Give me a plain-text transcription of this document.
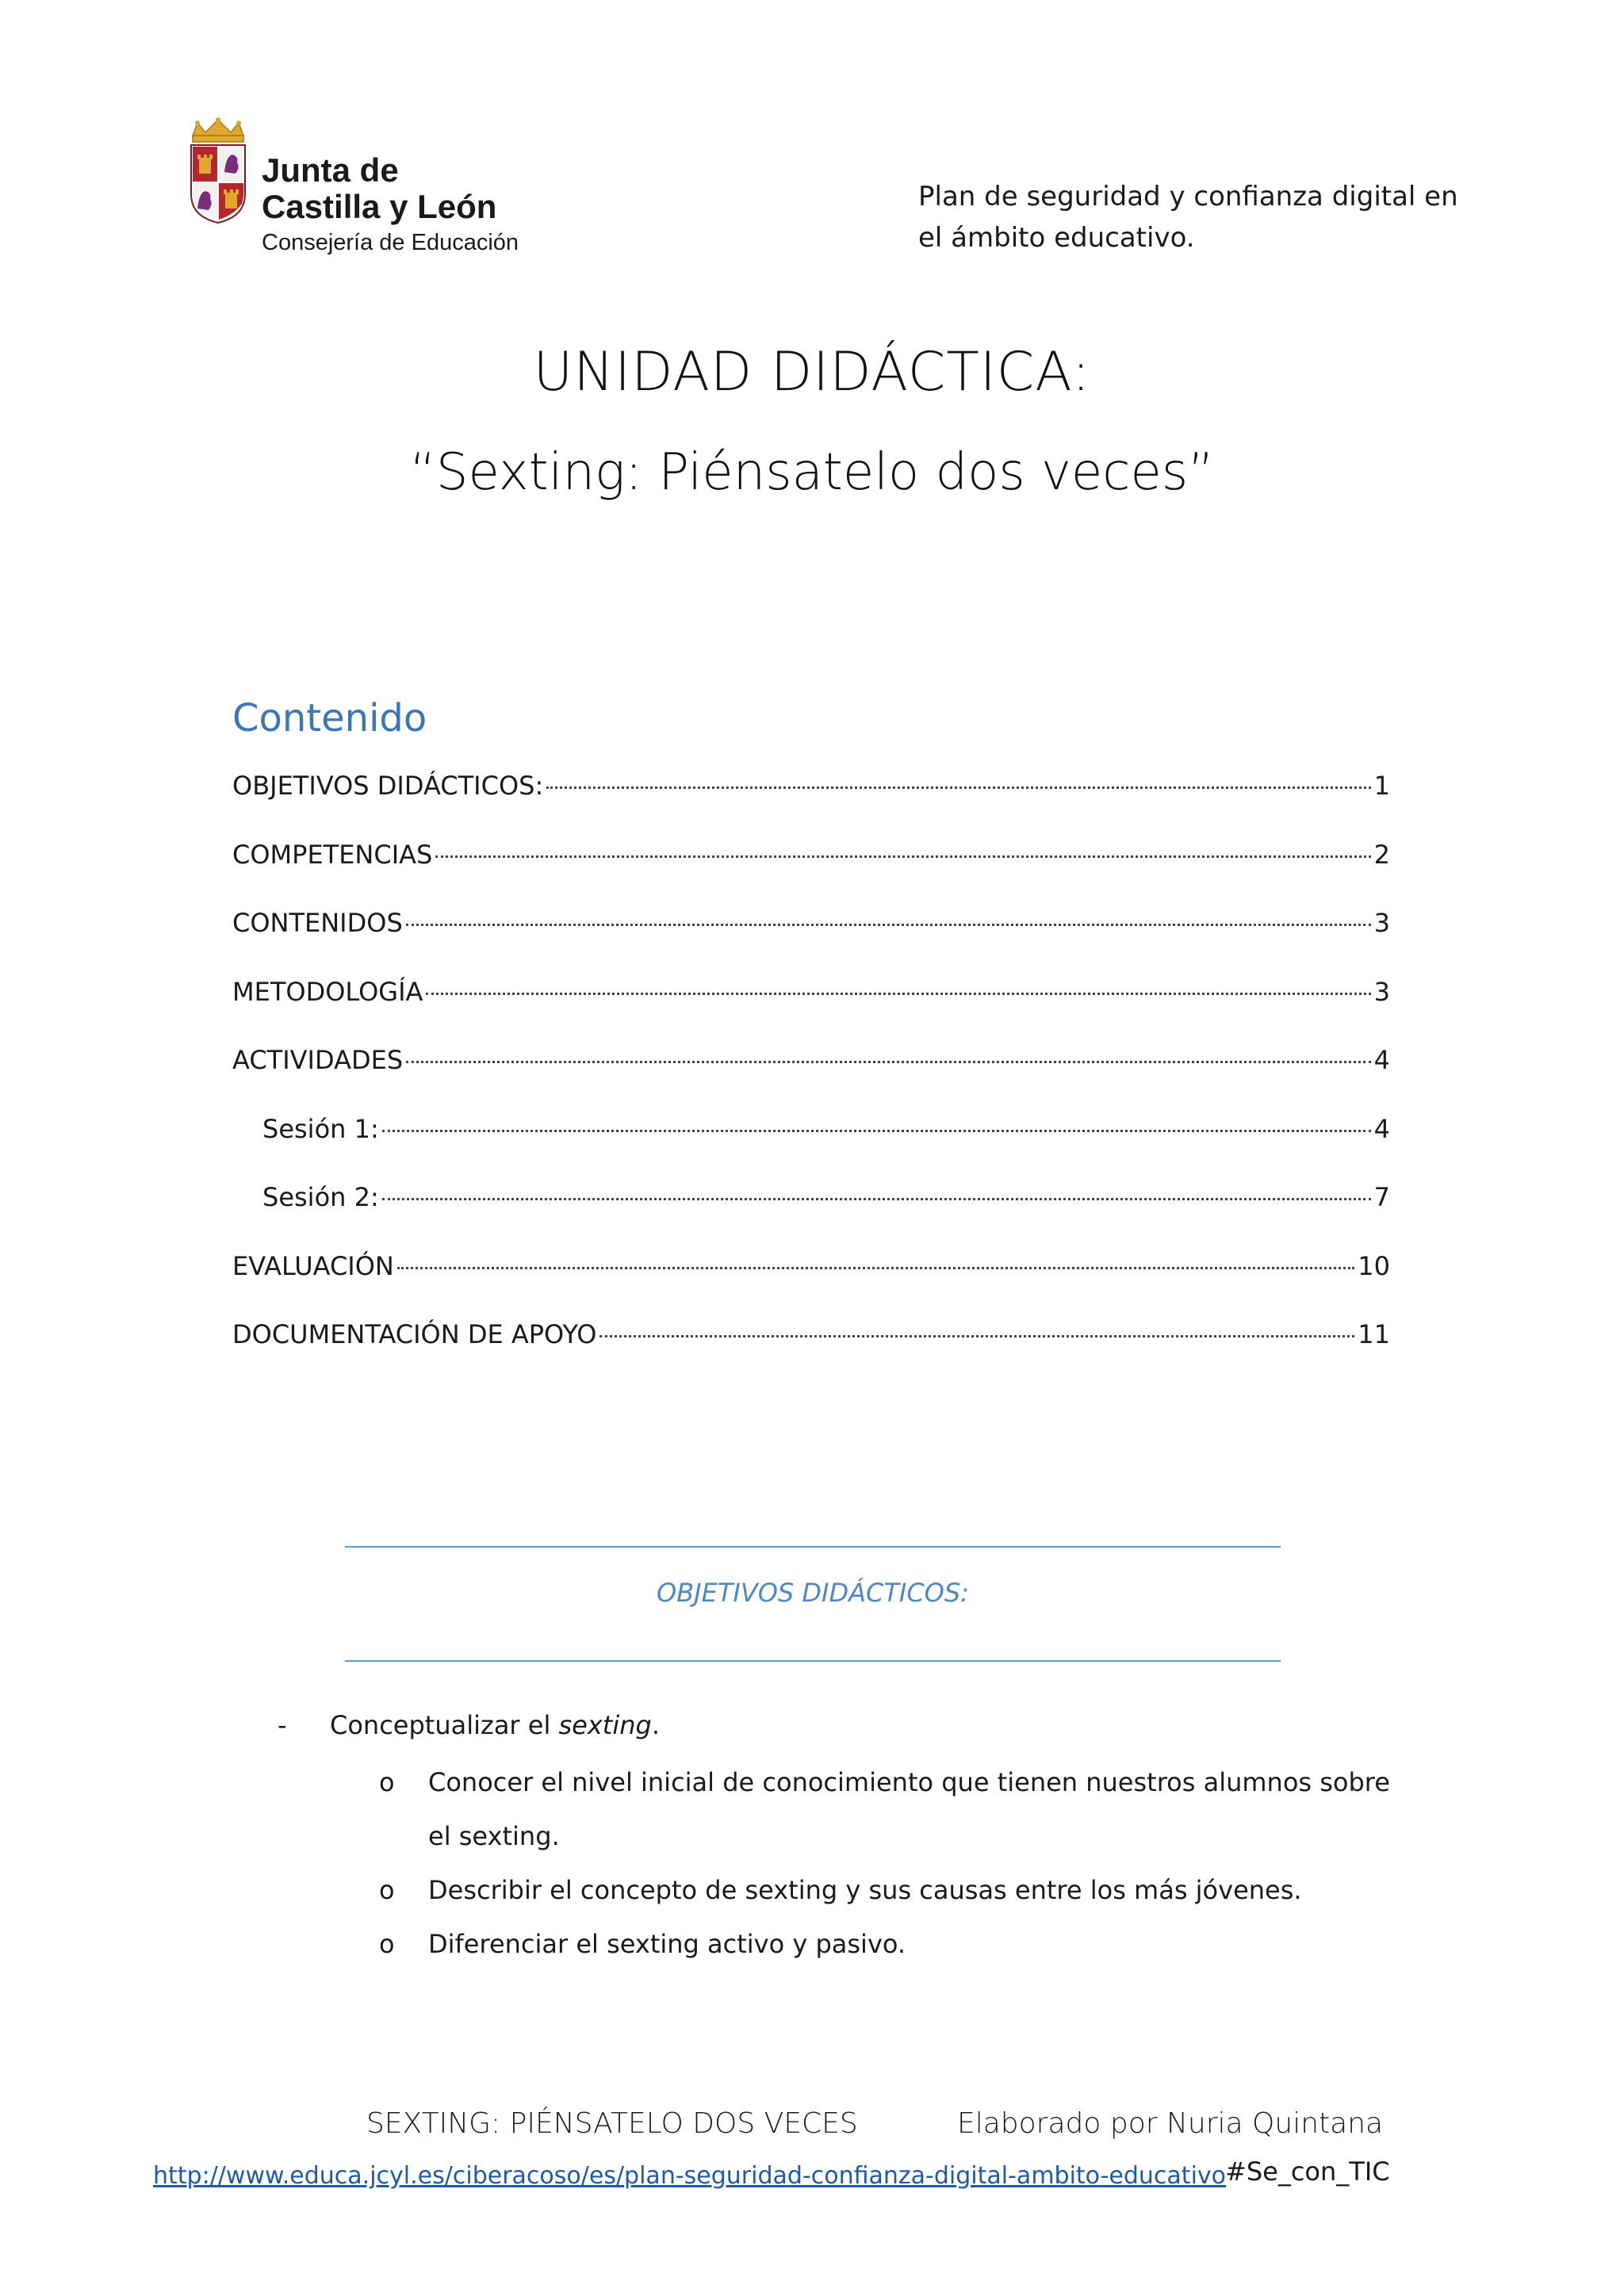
Junta de
Castilla y León
Consejería de Educación
Plan de seguridad y confianza digital en
el ámbito educativo.
UNIDAD DIDÁCTICA:
“Sexting: Piénsatelo dos veces”
Contenido
OBJETIVOS DIDÁCTICOS:	1
COMPETENCIAS	2
CONTENIDOS	3
METODOLOGÍA	3
ACTIVIDADES	4
Sesión 1:	4
Sesión 2:	7
EVALUACIÓN	10
DOCUMENTACIÓN DE APOYO	11
OBJETIVOS DIDÁCTICOS:
- Conceptualizar el sexting.
o Conocer el nivel inicial de conocimiento que tienen nuestros alumnos sobre el sexting.
o Describir el concepto de sexting y sus causas entre los más jóvenes.
o Diferenciar el sexting activo y pasivo.
SEXTING: PIÉNSATELO DOS VECES	Elaborado por Nuria Quintana
http://www.educa.jcyl.es/ciberacoso/es/plan-seguridad-confianza-digital-ambito-educativo
#Se_con_TIC
